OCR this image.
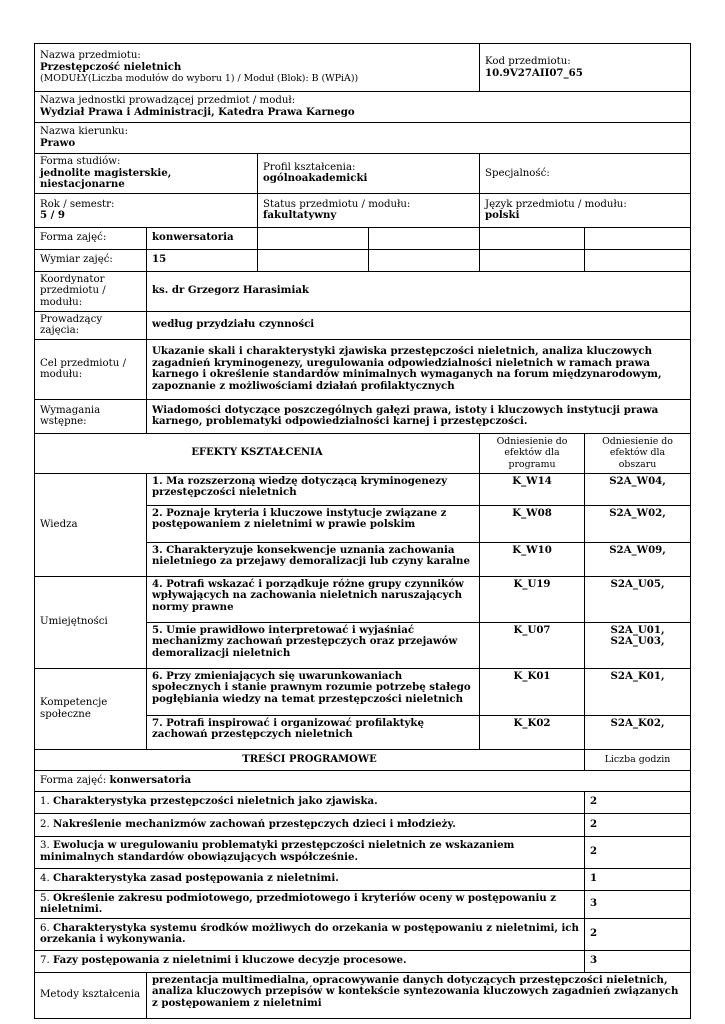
Nazwa przedmiotu:
Przestępczość nieletnich
(MODUŁY(Liczba modułów do wyboru 1) / Moduł (Blok): B (WPiA))				Kod przedmiotu:
10.9V27AII07_65	

Nazwa jednostki prowadzącej przedmiot / moduł:
Wydział Prawa i Administracji, Katedra Prawa Karnego					

Nazwa kierunku:
Prawo					

Forma studiów:
jednolite magisterskie, niestacjonarne		Profil kształcenia:
ogólnoakademicki		Specjalność:	

Rok / semestr:
5 / 9		Status przedmiotu / modułu:
fakultatywny		Język przedmiotu / modułu:
polski	

Forma zajęć:	konwersatoria				
Wymiar zajęć:	15				
Koordynator przedmiotu / modułu:	ks. dr Grzegorz Harasimiak				
Prowadzący zajęcia:	według przydziału czynności				
Cel przedmiotu / modułu:	Ukazanie skali i charakterystyki zjawiska przestępczości nieletnich, analiza kluczowych zagadnień kryminogenezy, uregulowania odpowiedzialności nieletnich w ramach prawa karnego i określenie standardów minimalnych wymaganych na forum międzynarodowym, zapoznanie z możliwościami działań profilaktycznych				
Wymagania wstępne:	Wiadomości dotyczące poszczególnych gałęzi prawa, istoty i kluczowych instytucji prawa karnego, problematyki odpowiedzialności karnej i przestępczości.				
EFEKTY KSZTAŁCENIA				Odniesienie do efektów dla programu	Odniesienie do efektów dla obszaru
Wiedza	1. Ma rozszerzoną wiedzę dotyczącą kryminogenezy przestępczości nieletnich			K_W14	S2A_W04,
	2. Poznaje kryteria i kluczowe instytucje związane z postępowaniem z nieletnimi w prawie polskim			K_W08	S2A_W02,
	3. Charakteryzuje konsekwencje uznania zachowania nieletniego za przejawy demoralizacji lub czyny karalne			K_W10	S2A_W09,
Umiejętności	4. Potrafi wskazać i porządkuje różne grupy czynników wpływających na zachowania nieletnich naruszających normy prawne			K_U19	S2A_U05,
	5. Umie prawidłowo interpretować i wyjaśniać mechanizmy zachowań przestępczych oraz przejawów demoralizacji nieletnich			K_U07	S2A_U01, S2A_U03,
Kompetencje społeczne	6. Przy zmieniających się uwarunkowaniach społecznych i stanie prawnym rozumie potrzebę stałego pogłębiania wiedzy na temat przestępczości nieletnich			K_K01	S2A_K01,
	7. Potrafi inspirować i organizować profilaktykę zachowań przestępczych nieletnich			K_K02	S2A_K02,
TREŚCI PROGRAMOWE					Liczba godzin
Forma zajęć: konwersatoria					
1. Charakterystyka przestępczości nieletnich jako zjawiska.					2
2. Nakreślenie mechanizmów zachowań przestępczych dzieci i młodzieży.					2
3. Ewolucja w uregulowaniu problematyki przestępczości nieletnich ze wskazaniem minimalnych standardów obowiązujących współcześnie.					2
4. Charakterystyka zasad postępowania z nieletnimi.					1
5. Określenie zakresu podmiotowego, przedmiotowego i kryteriów oceny w postępowaniu z nieletnimi.					3
6. Charakterystyka systemu środków możliwych do orzekania w postępowaniu z nieletnimi, ich orzekania i wykonywania.					2
7. Fazy postępowania z nieletnimi i kluczowe decyzje procesowe.					3
Metody kształcenia	prezentacja multimedialna, opracowywanie danych dotyczących przestępczości nieletnich, analiza kluczowych przepisów w kontekście syntezowania kluczowych zagadnień związanych z postępowaniem z nieletnimi				
